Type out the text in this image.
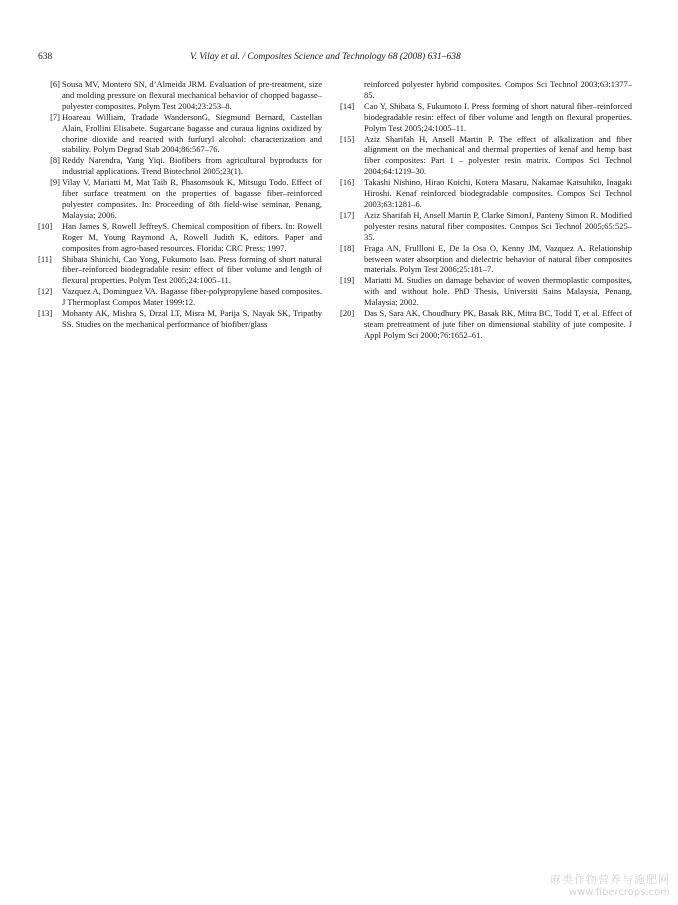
638	V. Vilay et al. / Composites Science and Technology 68 (2008) 631–638
[6] Sousa MV, Montero SN, d’Almeida JRM. Evaluation of pre-treatment, size and molding pressure on flexural mechanical behavior of chopped bagasse–polyester composites. Polym Test 2004;23:253–8.
[7] Hoareau William, Tradade WandersonG, Siegmund Bernard, Castellan Alain, Frollini Elisabete. Sugarcane bagasse and curaua lignins oxidized by chorine dioxide and reacted with furfuryl alcohol: characterization and stability. Polym Degrad Stab 2004;86:567–76.
[8] Reddy Narendra, Yang Yiqi. Biofibers from agricultural byproducts for industrial applications. Trend Biotechnol 2005;23(1).
[9] Vilay V, Mariatti M, Mat Taib R, Phasomsouk K, Mitsugu Todo. Effect of fiber surface treatment on the properties of bagasse fiber–reinforced polyester composites. In: Proceeding of 8th field-wise seminar, Penang, Malaysia; 2006.
[10]	Han James S, Rowell JeffreyS. Chemical composition of fibers. In: Rowell Roger M, Young Raymond A, Rowell Judith K, editors. Paper and composites from agro-based resources. Florida: CRC Press; 1997.
[11]	Shibata Shinichi, Cao Yong, Fukumoto Isao. Press forming of short natural fiber–reinforced biodegradable resin: effect of fiber volume and length of flexural properties. Polym Test 2005;24:1005–11.
[12]	Vazquez A, Dominguez VA. Bagasse fiber-polypropylene based composites. J Thermoplast Compos Mater 1999:12.
[13]	Mohanty AK, Mishra S, Drzal LT, Misra M, Parija S, Nayak SK, Tripathy SS. Studies on the mechanical performance of biofiber/glass
reinforced polyester hybrid composites. Compos Sci Technol 2003;63:1377–85.
[14]	Cao Y, Shibata S, Fukumoto I. Press forming of short natural fiber–reinforced biodegradable resin: effect of fiber volume and length on flexural properties. Polym Test 2005;24:1005–11.
[15]	Aziz Sharifah H, Ansell Martin P. The effect of alkalization and fiber alignment on the mechanical and thermal properties of kenaf and hemp bast fiber composites: Part 1 – polyester resin matrix. Compos Sci Technol 2004;64:1219–30.
[16]	Takashi Nishino, Hirao Koichi, Kotera Masaru, Nakamae Katsuhiko, Inagaki Hiroshi. Kenaf reinforced biodegradable composites. Compos Sci Technol 2003;63:1281–6.
[17]	Aziz Sharifah H, Ansell Martin P, Clarke SimonJ, Panteny Simon R. Modified polyester resins natural fiber composites. Compos Sci Technol 2005;65:525–35.
[18]	Fraga AN, Frullloni E, De la Osa O, Kenny JM, Vazquez A. Relationship between water absorption and dielectric behavior of natural fiber composites materials. Polym Test 2006;25:181–7.
[19]	Mariatti M. Studies on damage behavior of woven thermoplastic composites, with and without hole. PhD Thesis, Universiti Sains Malaysia, Penang, Malaysia; 2002.
[20]	Das S, Sara AK, Choudhury PK, Basak RK, Mitra BC, Todd T, et al. Effect of steam pretreatment of jute fiber on dimensional stability of jute composite. J Appl Polym Sci 2000;76:1652–61.
麻类作物营养与施肥网
www.fibercrops.com
